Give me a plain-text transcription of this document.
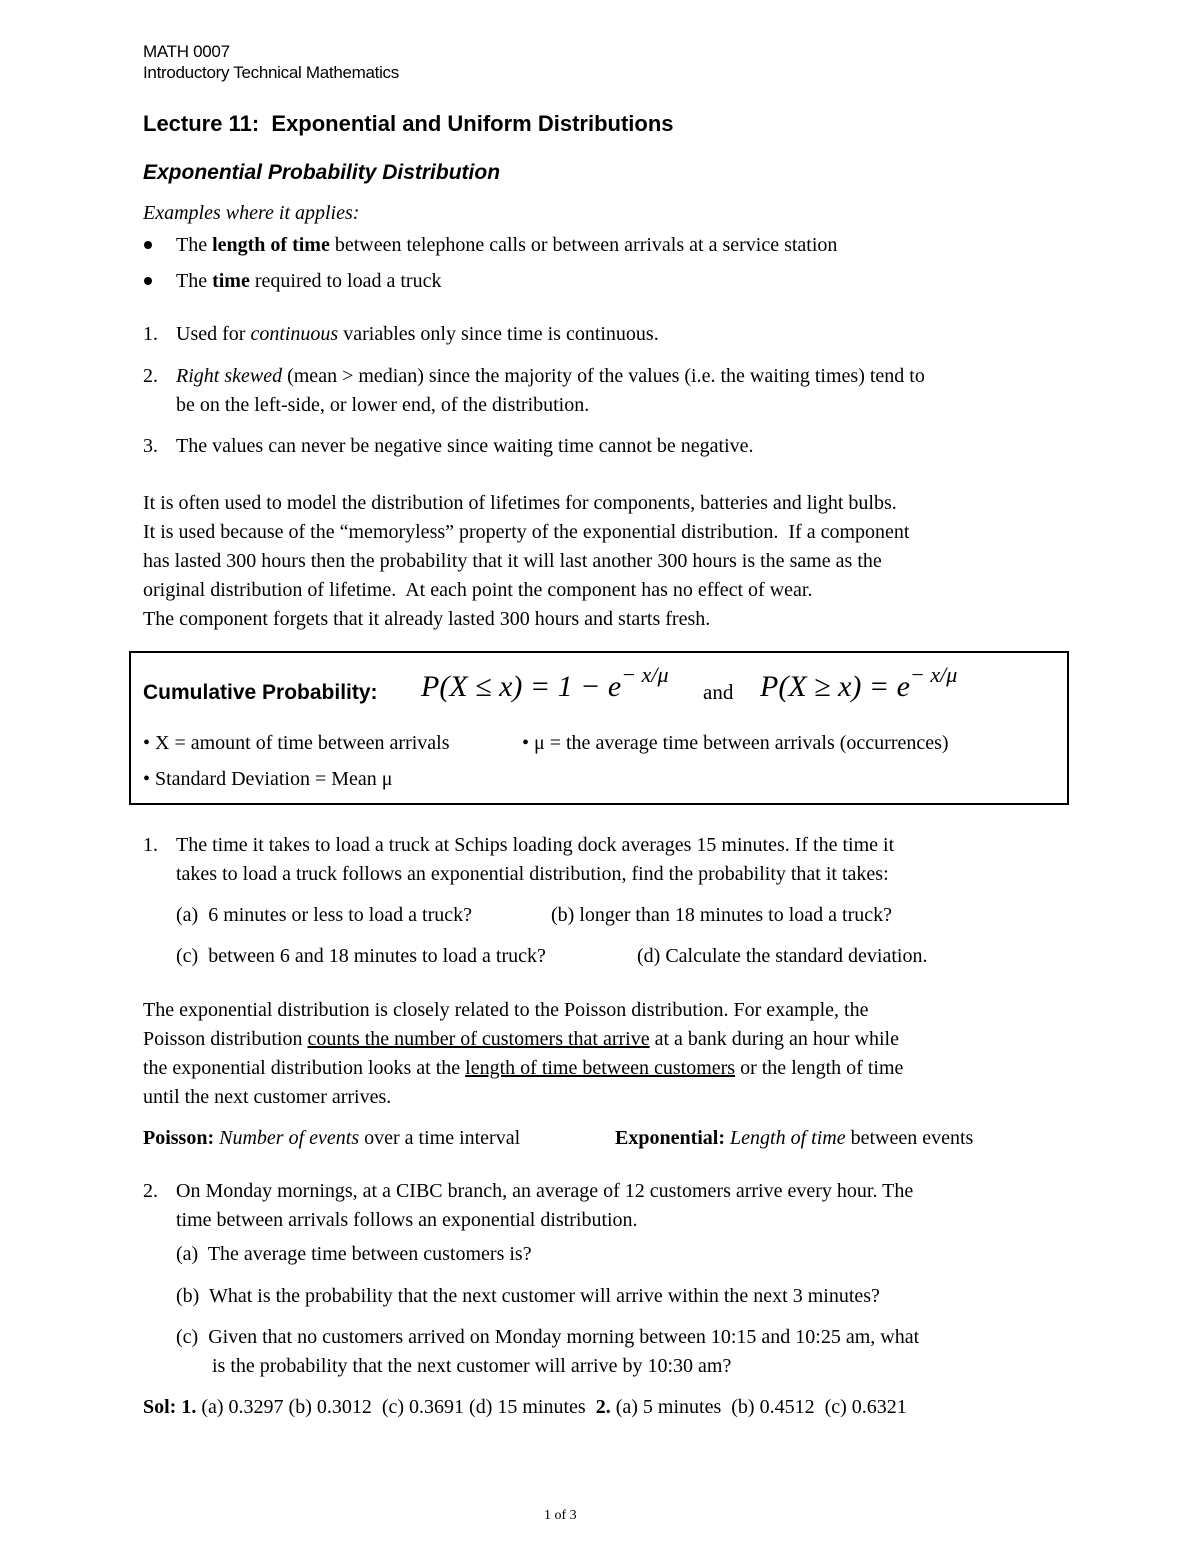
MATH 0007
Introductory Technical Mathematics
Lecture 11:  Exponential and Uniform Distributions
Exponential Probability Distribution
Examples where it applies:
The length of time between telephone calls or between arrivals at a service station
The time required to load a truck
1. Used for continuous variables only since time is continuous.
2. Right skewed (mean > median) since the majority of the values (i.e. the waiting times) tend to
be on the left-side, or lower end, of the distribution.
3. The values can never be negative since waiting time cannot be negative.
It is often used to model the distribution of lifetimes for components, batteries and light bulbs.
It is used because of the “memoryless” property of the exponential distribution.  If a component
has lasted 300 hours then the probability that it will last another 300 hours is the same as the
original distribution of lifetime.  At each point the component has no effect of wear.
The component forgets that it already lasted 300 hours and starts fresh.
Cumulative Probability: $P(X \le x) = 1 - e^{- x/\mu}$
and $P(X \ge x) = e^{- x/\mu}$
• X = amount of time between arrivals	• μ = the average time between arrivals (occurrences)
• Standard Deviation = Mean μ
1. The time it takes to load a truck at Schips loading dock averages 15 minutes. If the time it
takes to load a truck follows an exponential distribution, find the probability that it takes:
(a)  6 minutes or less to load a truck?	(b) longer than 18 minutes to load a truck?
(c)  between 6 and 18 minutes to load a truck?	(d) Calculate the standard deviation.
The exponential distribution is closely related to the Poisson distribution. For example, the
Poisson distribution counts the number of customers that arrive at a bank during an hour while
the exponential distribution looks at the length of time between customers or the length of time
until the next customer arrives.
Poisson: Number of events over a time interval	Exponential: Length of time between events
2. On Monday mornings, at a CIBC branch, an average of 12 customers arrive every hour. The
time between arrivals follows an exponential distribution.
(a)  The average time between customers is?
(b)  What is the probability that the next customer will arrive within the next 3 minutes?
(c)  Given that no customers arrived on Monday morning between 10:15 and 10:25 am, what
is the probability that the next customer will arrive by 10:30 am?
Sol: 1. (a) 0.3297 (b) 0.3012  (c) 0.3691 (d) 15 minutes  2. (a) 5 minutes  (b) 0.4512  (c) 0.6321
1 of 3
